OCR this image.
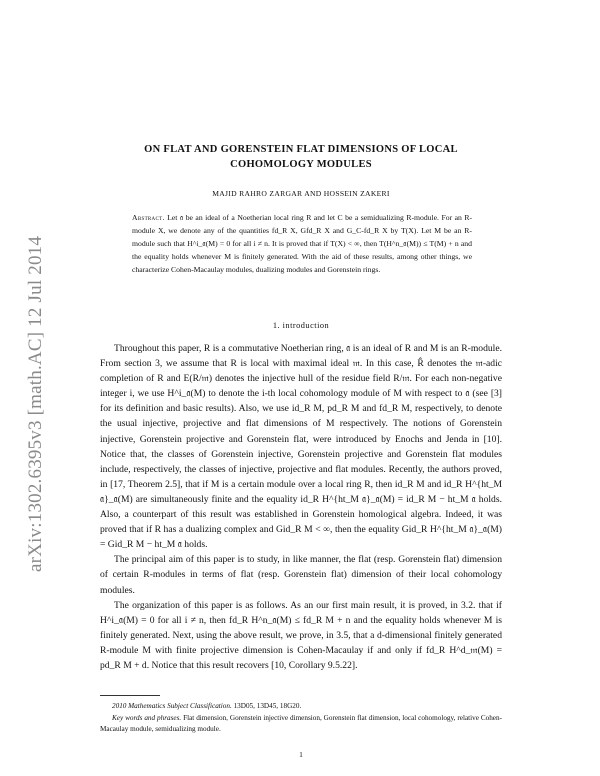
arXiv:1302.6395v3 [math.AC] 12 Jul 2014
ON FLAT AND GORENSTEIN FLAT DIMENSIONS OF LOCAL
COHOMOLOGY MODULES
MAJID RAHRO ZARGAR AND HOSSEIN ZAKERI
Abstract. Let 𝔞 be an ideal of a Noetherian local ring R and let C be a semidualizing R-module. For an R-module X, we denote any of the quantities fd_R X, Gfd_R X and G_C-fd_R X by T(X). Let M be an R-module such that H^i_𝔞(M) = 0 for all i ≠ n. It is proved that if T(X) < ∞, then T(H^n_𝔞(M)) ≤ T(M) + n and the equality holds whenever M is finitely generated. With the aid of these results, among other things, we characterize Cohen-Macaulay modules, dualizing modules and Gorenstein rings.
1. introduction

Throughout this paper, R is a commutative Noetherian ring, 𝔞 is an ideal of R and M is an R-module. From section 3, we assume that R is local with maximal ideal 𝔪. In this case, R̂ denotes the 𝔪-adic completion of R and E(R/𝔪) denotes the injective hull of the residue field R/𝔪. For each non-negative integer i, we use H^i_𝔞(M) to denote the i-th local cohomology module of M with respect to 𝔞 (see [3] for its definition and basic results). Also, we use id_R M, pd_R M and fd_R M, respectively, to denote the usual injective, projective and flat dimensions of M respectively. The notions of Gorenstein injective, Gorenstein projective and Gorenstein flat, were introduced by Enochs and Jenda in [10]. Notice that, the classes of Gorenstein injective, Gorenstein projective and Gorenstein flat modules include, respectively, the classes of injective, projective and flat modules. Recently, the authors proved, in [17, Theorem 2.5], that if M is a certain module over a local ring R, then id_R M and id_R H^{ht_M 𝔞}_𝔞(M) are simultaneously finite and the equality id_R H^{ht_M 𝔞}_𝔞(M) = id_R M − ht_M 𝔞 holds. Also, a counterpart of this result was established in Gorenstein homological algebra. Indeed, it was proved that if R has a dualizing complex and Gid_R M < ∞, then the equality Gid_R H^{ht_M 𝔞}_𝔞(M) = Gid_R M − ht_M 𝔞 holds.

The principal aim of this paper is to study, in like manner, the flat (resp. Gorenstein flat) dimension of certain R-modules in terms of flat (resp. Gorenstein flat) dimension of their local cohomology modules.

The organization of this paper is as follows. As an our first main result, it is proved, in 3.2. that if H^i_𝔞(M) = 0 for all i ≠ n, then fd_R H^n_𝔞(M) ≤ fd_R M + n and the equality holds whenever M is finitely generated. Next, using the above result, we prove, in 3.5, that a d-dimensional finitely generated R-module M with finite projective dimension is Cohen-Macaulay if and only if fd_R H^d_𝔪(M) = pd_R M + d. Notice that this result recovers [10, Corollary 9.5.22].

2010 Mathematics Subject Classification. 13D05, 13D45, 18G20.

Key words and phrases. Flat dimension, Gorenstein injective dimension, Gorenstein flat dimension, local cohomology, relative Cohen-Macaulay module, semidualizing module.

1
